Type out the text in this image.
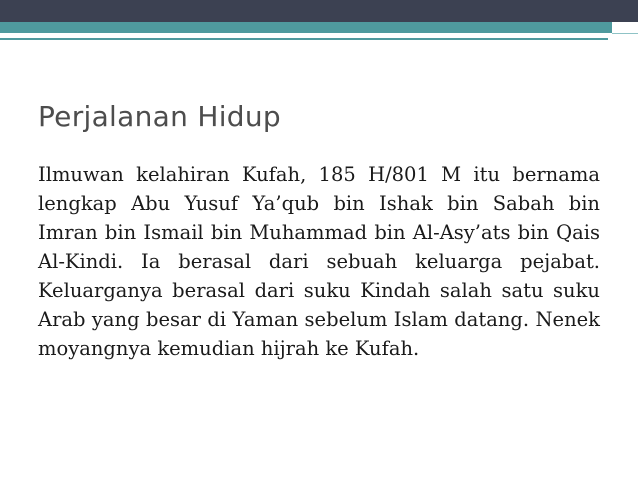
Perjalanan Hidup

Ilmuwan kelahiran Kufah, 185 H/801 M itu bernama lengkap Abu Yusuf Ya’qub bin Ishak bin Sabah bin Imran bin Ismail bin Muhammad bin Al-Asy’ats bin Qais Al-Kindi. Ia berasal dari sebuah keluarga pejabat. Keluarganya berasal dari suku Kindah salah satu suku Arab yang besar di Yaman sebelum Islam datang. Nenek moyangnya kemudian hijrah ke Kufah.
